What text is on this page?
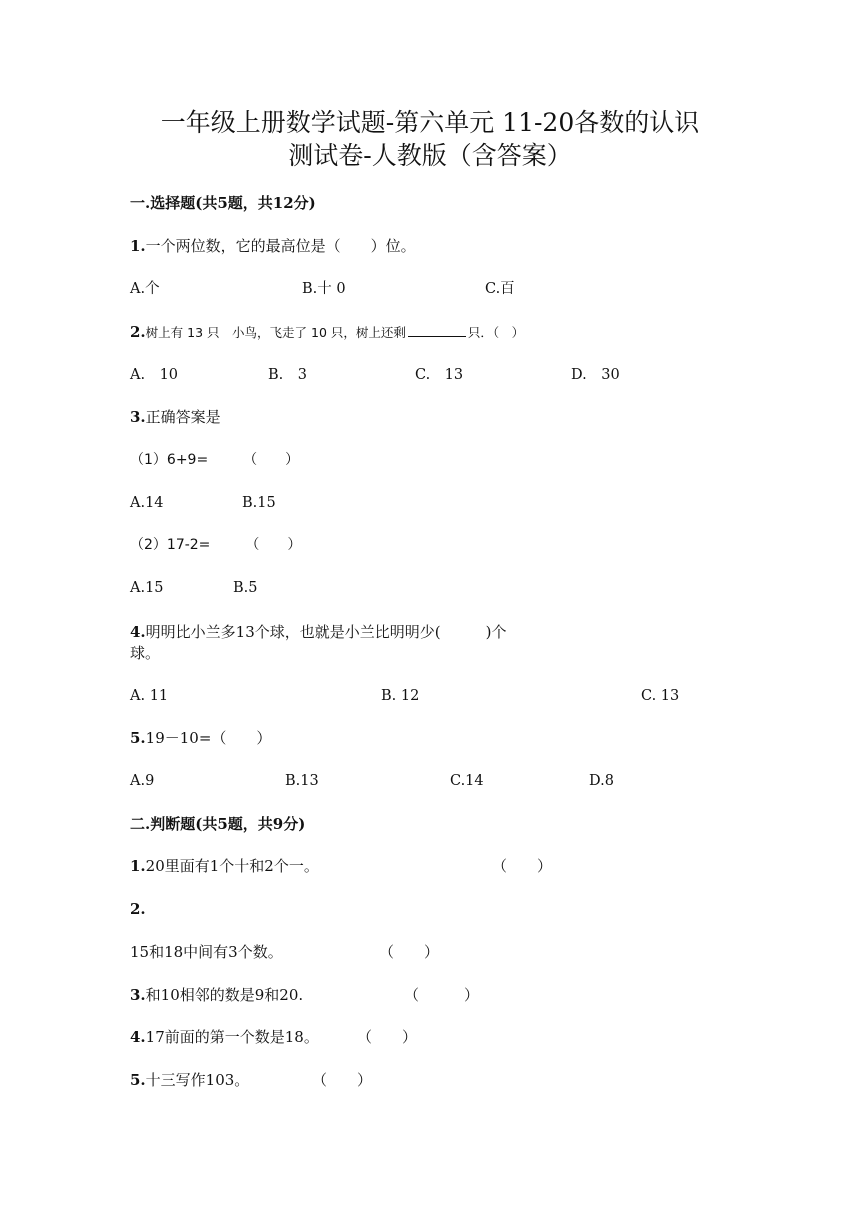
一年级上册数学试题-第六单元 11-20各数的认识
测试卷-人教版（含答案）
一.选择题(共5题，共12分)
1.一个两位数，它的最高位是（　　）位。
A.个	B.十 0	C.百
2.树上有 13 只　小鸟，飞走了 10 只，树上还剩	只．（　）
A.　10	B.　3	C.　13	D.　30
3.正确答案是
（1）6+9=　　　（　　）
A.14	B.15
（2）17-2=　　　（　　）
A.15	B.5
4.明明比小兰多13个球，也就是小兰比明明少(　　　)个
球。
A. 11	B. 12	C. 13
5.19－10=（　　）
A.9	B.13	C.14	D.8
二.判断题(共5题，共9分)
1.20里面有1个十和2个一。	（　　）
2.
15和18中间有3个数。	（　　）
3.和10相邻的数是9和20.	（　　　）
4.17前面的第一个数是18。	（　　）
5.十三写作103。	（　　）
